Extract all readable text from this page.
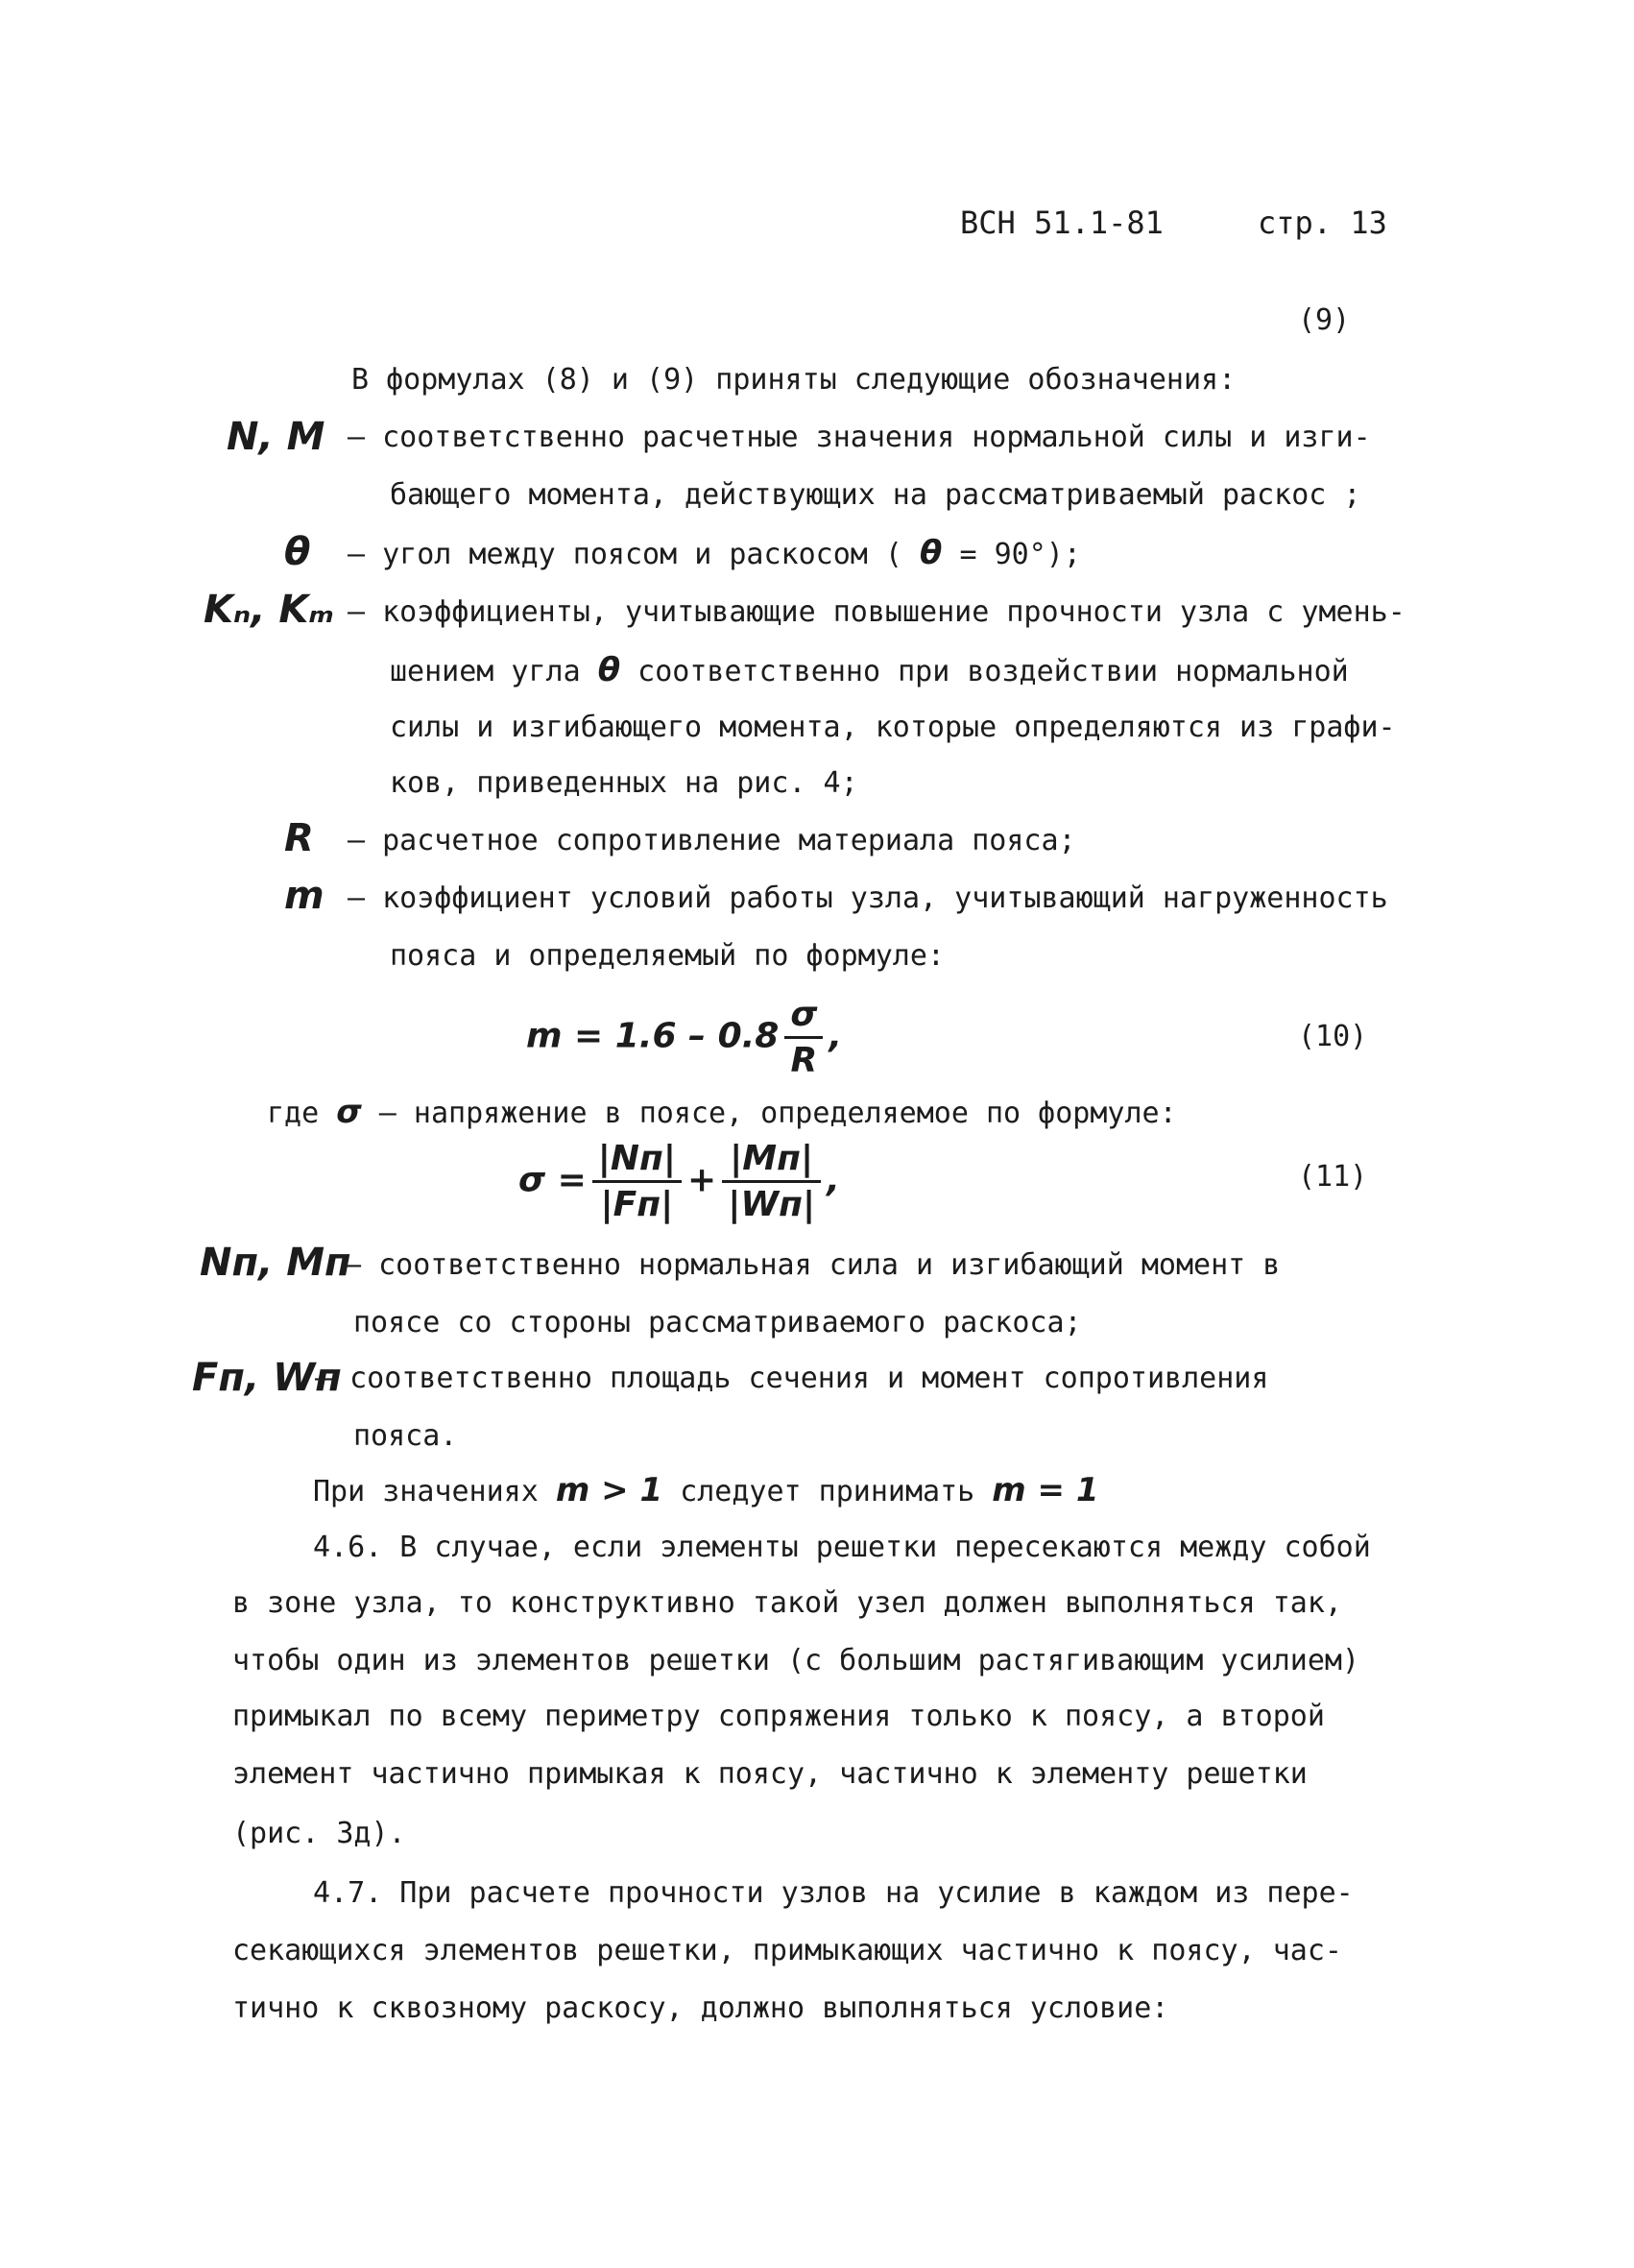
ВСН 51.1-81	стр. 13
(9)
В формулах (8) и (9) приняты следующие обозначения:
N, M – соответственно расчетные значения нормальной силы и изги-
бающего момента, действующих на рассматриваемый раскос ;
θ – угол между поясом и раскосом ( θ = 90°);
Kₙ, Kₘ – коэффициенты, учитывающие повышение прочности узла с умень-
шением угла θ соответственно при воздействии нормальной
силы и изгибающего момента, которые определяются из графи-
ков, приведенных на рис. 4;
R – расчетное сопротивление материала пояса;
m – коэффициент условий работы узла, учитывающий нагруженность
пояса и определяемый по формуле:
$m = 1.6 - 0.8 \frac{\sigma}{R}$ ,	(10)
где σ – напряжение в поясе, определяемое по формуле:
$\sigma = \frac{|Nп|}{|Fп|} + \frac{|Mп|}{|Wп|}$ ,	(11)
Nп, Mп
– соответственно нормальная сила и изгибающий момент в
поясе со стороны рассматриваемого раскоса;
Fп, Wп
– соответственно площадь сечения и момент сопротивления
пояса.
При значениях m > 1 следует принимать m = 1
4.6. В случае, если элементы решетки пересекаются между собой
в зоне узла, то конструктивно такой узел должен выполняться так,
чтобы один из элементов решетки (с большим растягивающим усилием)
примыкал по всему периметру сопряжения только к поясу, а второй
элемент частично примыкая к поясу, частично к элементу решетки
(рис. 3д).
4.7. При расчете прочности узлов на усилие в каждом из пере-
секающихся элементов решетки, примыкающих частично к поясу, час-
тично к сквозному раскосу, должно выполняться условие:
